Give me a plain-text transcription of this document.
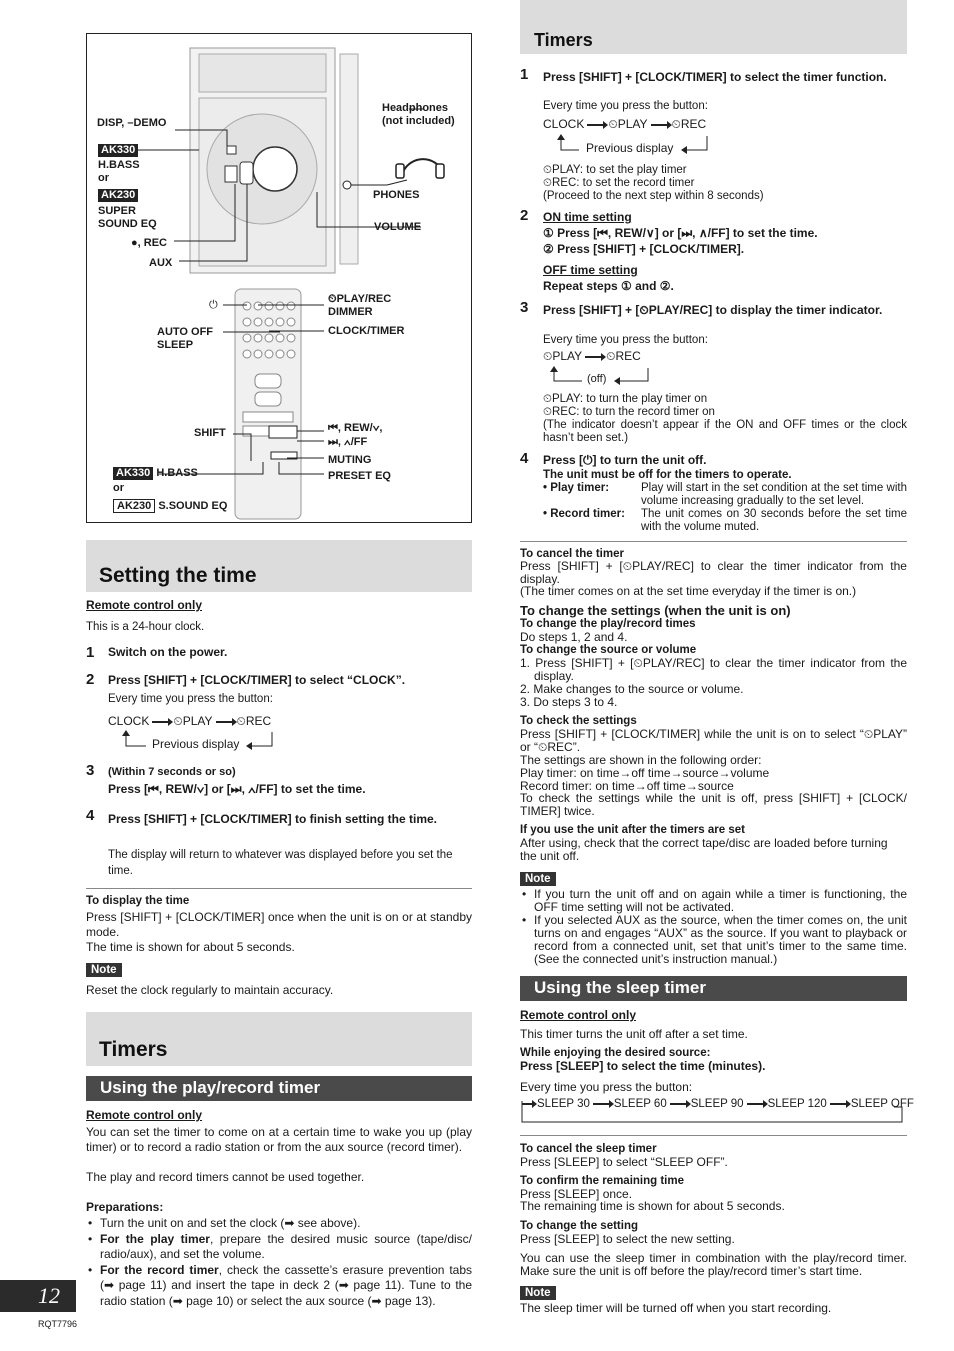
DISP, –DEMO
AK330
H.BASS
or
AK230
SUPER
SOUND EQ
●, REC
AUX
Headphones
(not included)
PHONES
VOLUME
⏻	⏲PLAY/REC
DIMMER
CLOCK/TIMER
AUTO OFF
SLEEP
SHIFT	⏮, REW/∨,
⏭, ∧/FF
MUTING
PRESET EQ
AK330 H.BASS
or
AK230 S.SOUND EQ
Setting the time
Remote control only
This is a 24-hour clock.
1 Switch on the power.
2 Press [SHIFT] + [CLOCK/TIMER] to select “CLOCK”.
Every time you press the button:
CLOCK ⏲PLAY ⏲REC
Previous display
3 (Within 7 seconds or so)
Press [⏮, REW/∨] or [⏭, ∧/FF] to set the time.
4 Press [SHIFT] + [CLOCK/TIMER] to finish setting the time.
The display will return to whatever was displayed before you set the time.
To display the time
Press [SHIFT] + [CLOCK/TIMER] once when the unit is on or at standby mode.
The time is shown for about 5 seconds.
Note
Reset the clock regularly to maintain accuracy.
Timers
Using the play/record timer
Remote control only
You can set the timer to come on at a certain time to wake you up (play timer) or to record a radio station or from the aux source (record timer).
The play and record timers cannot be used together.
Preparations:
• Turn the unit on and set the clock (➡ see above).
• For the play timer, prepare the desired music source (tape/disc/ radio/aux), and set the volume.
• For the record timer, check the cassette’s erasure prevention tabs (➡ page 11) and insert the tape in deck 2 (➡ page 11). Tune to the radio station (➡ page 10) or select the aux source (➡ page 13).
Timers
1 Press [SHIFT] + [CLOCK/TIMER] to select the timer function.
Every time you press the button:
CLOCK ⏲PLAY ⏲REC
Previous display
⏲PLAY: to set the play timer
⏲REC: to set the record timer
(Proceed to the next step within 8 seconds)
2 ON time setting
① Press [⏮, REW/∨] or [⏭, ∧/FF] to set the time.
② Press [SHIFT] + [CLOCK/TIMER].
OFF time setting
Repeat steps ① and ②.
3 Press [SHIFT] + [⏲PLAY/REC] to display the timer indicator.
Every time you press the button:
⏲PLAY ⏲REC
(off)
⏲PLAY: to turn the play timer on
⏲REC: to turn the record timer on
(The indicator doesn’t appear if the ON and OFF times or the clock hasn’t been set.)
4 Press [⏻] to turn the unit off.
The unit must be off for the timers to operate.
• Play timer:	Play will start in the set condition at the set time with volume increasing gradually to the set level.
• Record timer: The unit comes on 30 seconds before the set time with the volume muted.
To cancel the timer
Press [SHIFT] + [⏲PLAY/REC] to clear the timer indicator from the display.
(The timer comes on at the set time everyday if the timer is on.)
To change the settings (when the unit is on)
To change the play/record times
Do steps 1, 2 and 4.
To change the source or volume
1. Press [SHIFT] + [⏲PLAY/REC] to clear the timer indicator from the display.
2. Make changes to the source or volume.
3. Do steps 3 to 4.
To check the settings
Press [SHIFT] + [CLOCK/TIMER] while the unit is on to select “⏲PLAY” or “⏲REC”.
The settings are shown in the following order:
Play timer: on time→off time→source→volume
Record timer: on time→off time→source
To check the settings while the unit is off, press [SHIFT] + [CLOCK/ TIMER] twice.
If you use the unit after the timers are set
After using, check that the correct tape/disc are loaded before turning the unit off.
Note
• If you turn the unit off and on again while a timer is functioning, the OFF time setting will not be activated.
• If you selected AUX as the source, when the timer comes on, the unit turns on and engages “AUX” as the source. If you want to playback or record from a connected unit, set that unit’s timer to the same time. (See the connected unit’s instruction manual.)
Using the sleep timer
Remote control only
This timer turns the unit off after a set time.
While enjoying the desired source:
Press [SLEEP] to select the time (minutes).
Every time you press the button:
SLEEP 30 SLEEP 60 SLEEP 90 SLEEP 120 SLEEP OFF
To cancel the sleep timer
Press [SLEEP] to select “SLEEP OFF”.
To confirm the remaining time
Press [SLEEP] once.
The remaining time is shown for about 5 seconds.
To change the setting
Press [SLEEP] to select the new setting.
You can use the sleep timer in combination with the play/record timer. Make sure the unit is off before the play/record timer’s start time.
Note
The sleep timer will be turned off when you start recording.
12
RQT7796
